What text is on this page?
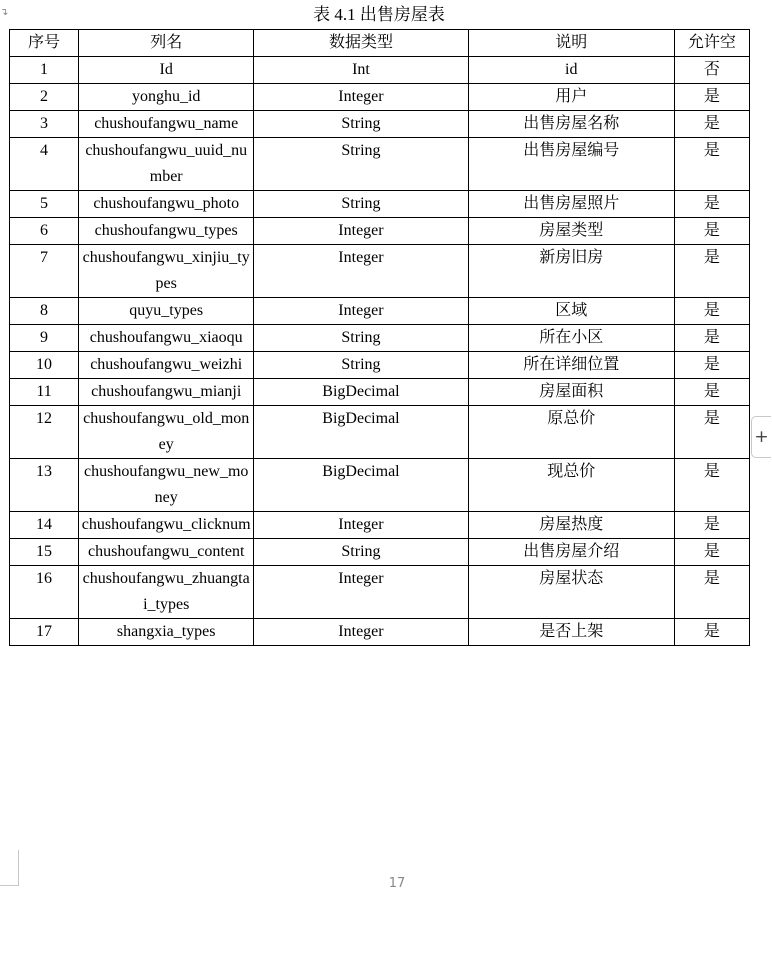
↴	表 4.1 出售房屋表
序号	列名	数据类型	说明	允许空
1	Id	Int	id	否
2	yonghu_id	Integer	用户	是
3	chushoufangwu_name	String	出售房屋名称	是
4	chushoufangwu_uuid_number	String	出售房屋编号	是
5	chushoufangwu_photo	String	出售房屋照片	是
6	chushoufangwu_types	Integer	房屋类型	是
7	chushoufangwu_xinjiu_types	Integer	新房旧房	是
8	quyu_types	Integer	区域	是
9	chushoufangwu_xiaoqu	String	所在小区	是
10	chushoufangwu_weizhi	String	所在详细位置	是
11	chushoufangwu_mianji	BigDecimal	房屋面积	是
12	chushoufangwu_old_money	BigDecimal	原总价	是
13	chushoufangwu_new_money	BigDecimal	现总价	是
14	chushoufangwu_clicknum	Integer	房屋热度	是
15	chushoufangwu_content	String	出售房屋介绍	是
16	chushoufangwu_zhuangtai_types	Integer	房屋状态	是
17	shangxia_types	Integer	是否上架	是
+
17
